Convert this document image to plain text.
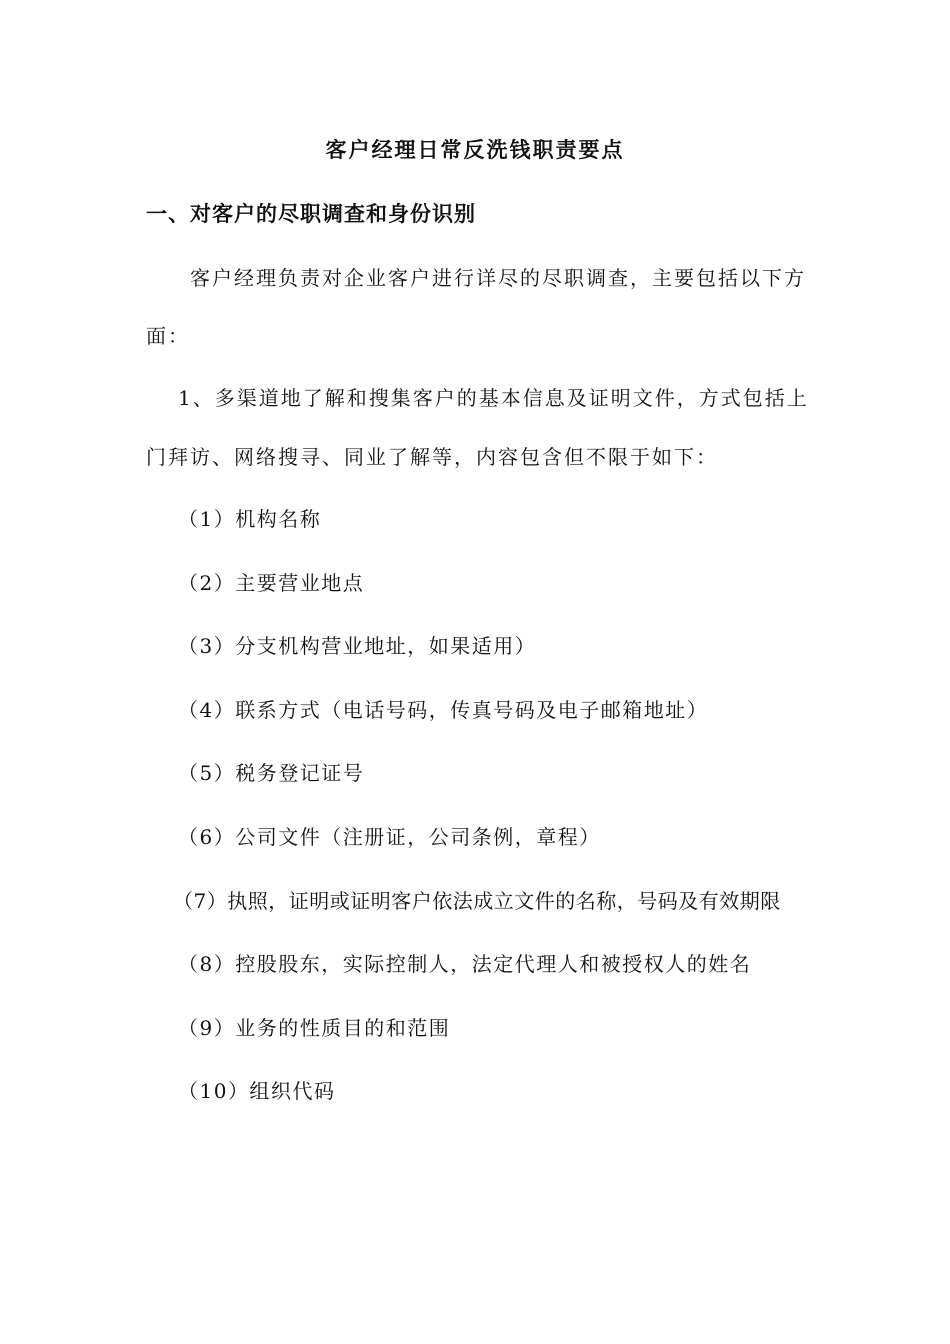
客户经理日常反洗钱职责要点
一、对客户的尽职调查和身份识别
客户经理负责对企业客户进行详尽的尽职调查，主要包括以下方
面：
1、多渠道地了解和搜集客户的基本信息及证明文件，方式包括上
门拜访、网络搜寻、同业了解等，内容包含但不限于如下：
（1）机构名称
（2）主要营业地点
（3）分支机构营业地址，如果适用）
（4）联系方式（电话号码，传真号码及电子邮箱地址）
（5）税务登记证号
（6）公司文件（注册证，公司条例，章程）
（7）执照，证明或证明客户依法成立文件的名称，号码及有效期限
（8）控股股东，实际控制人，法定代理人和被授权人的姓名
（9）业务的性质目的和范围
（10）组织代码
